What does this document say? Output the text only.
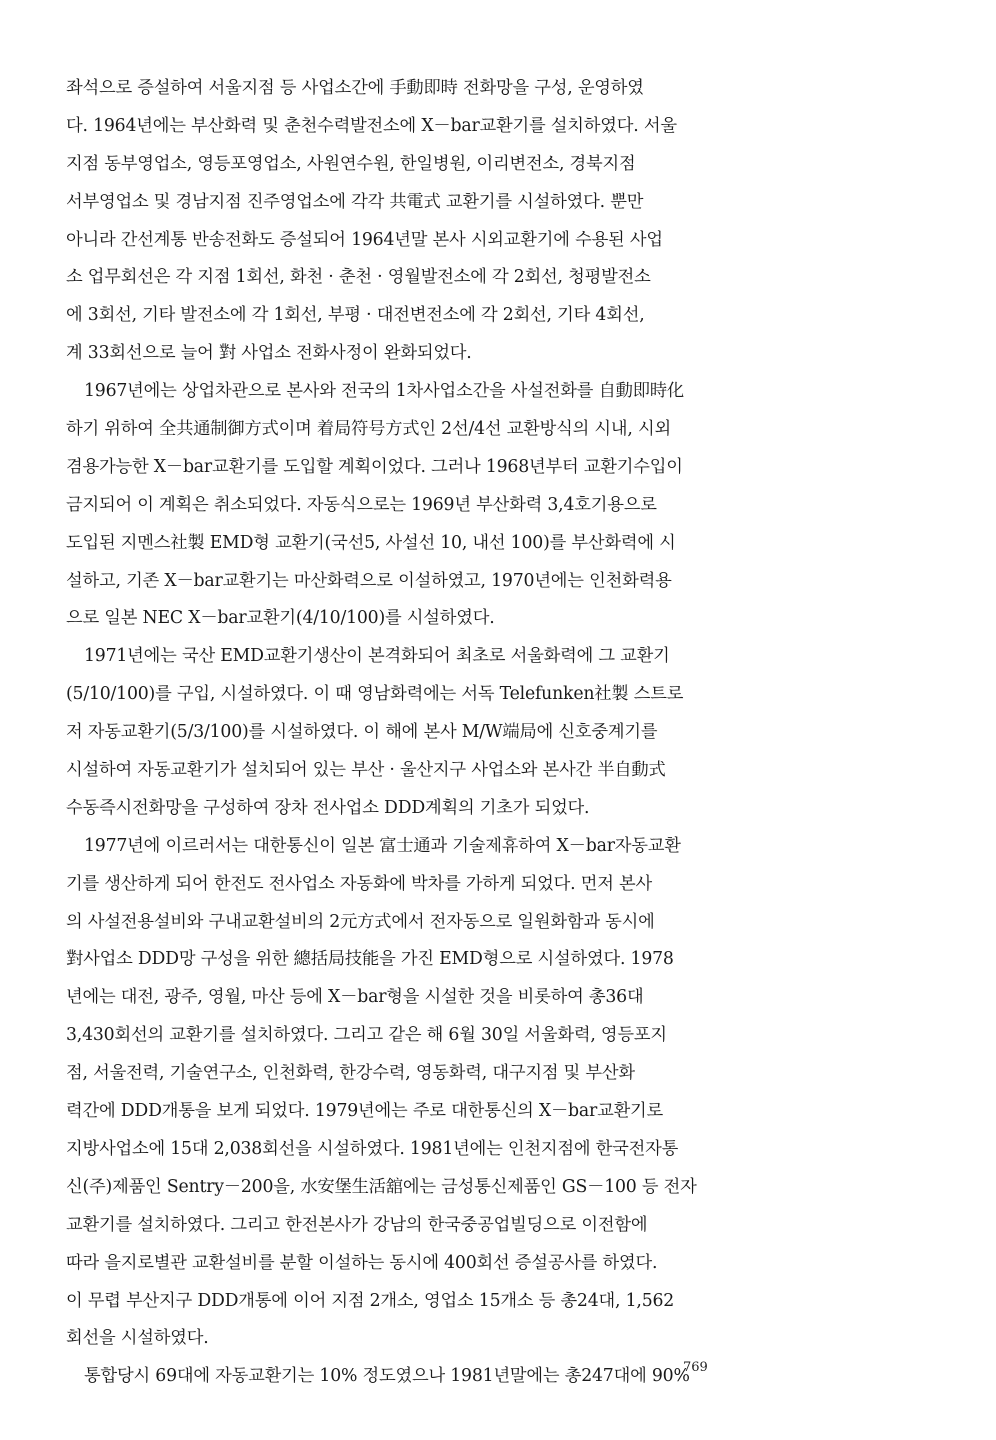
좌석으로 증설하여 서울지점 등 사업소간에 手動即時 전화망을 구성, 운영하였
다. 1964년에는 부산화력 및 춘천수력발전소에 X－bar교환기를 설치하였다. 서울
지점 동부영업소, 영등포영업소, 사원연수원, 한일병원, 이리변전소, 경북지점
서부영업소 및 경남지점 진주영업소에 각각 共電式 교환기를 시설하였다. 뿐만
아니라 간선계통 반송전화도 증설되어 1964년말 본사 시외교환기에 수용된 사업
소 업무회선은 각 지점 1회선, 화천 · 춘천 · 영월발전소에 각 2회선, 청평발전소
에 3회선, 기타 발전소에 각 1회선, 부평 · 대전변전소에 각 2회선, 기타 4회선,
계 33회선으로 늘어 對 사업소 전화사정이 완화되었다.
1967년에는 상업차관으로 본사와 전국의 1차사업소간을 사설전화를 自動即時化
하기 위하여 全共通制御方式이며 着局符号方式인 2선/4선 교환방식의 시내, 시외
겸용가능한 X－bar교환기를 도입할 계획이었다. 그러나 1968년부터 교환기수입이
금지되어 이 계획은 취소되었다. 자동식으로는 1969년 부산화력 3,4호기용으로
도입된 지멘스社製 EMD형 교환기(국선5, 사설선 10, 내선 100)를 부산화력에 시
설하고, 기존 X－bar교환기는 마산화력으로 이설하였고, 1970년에는 인천화력용
으로 일본 NEC X－bar교환기(4/10/100)를 시설하였다.
1971년에는 국산 EMD교환기생산이 본격화되어 최초로 서울화력에 그 교환기
(5/10/100)를 구입, 시설하였다. 이 때 영남화력에는 서독 Telefunken社製 스트로
저 자동교환기(5/3/100)를 시설하였다. 이 해에 본사 M/W端局에 신호중계기를
시설하여 자동교환기가 설치되어 있는 부산 · 울산지구 사업소와 본사간 半自動式
수동즉시전화망을 구성하여 장차 전사업소 DDD계획의 기초가 되었다.
1977년에 이르러서는 대한통신이 일본 富士通과 기술제휴하여 X－bar자동교환
기를 생산하게 되어 한전도 전사업소 자동화에 박차를 가하게 되었다. 먼저 본사
의 사설전용설비와 구내교환설비의 2元方式에서 전자동으로 일원화함과 동시에
對사업소 DDD망 구성을 위한 總括局技能을 가진 EMD형으로 시설하였다. 1978
년에는 대전, 광주, 영월, 마산 등에 X－bar형을 시설한 것을 비롯하여 총36대
3,430회선의 교환기를 설치하였다. 그리고 같은 해 6월 30일 서울화력, 영등포지
점, 서울전력, 기술연구소, 인천화력, 한강수력, 영동화력, 대구지점 및 부산화
력간에 DDD개통을 보게 되었다. 1979년에는 주로 대한통신의 X－bar교환기로
지방사업소에 15대 2,038회선을 시설하였다. 1981년에는 인천지점에 한국전자통
신(주)제품인 Sentry－200을, 水安堡生活舘에는 금성통신제품인 GS－100 등 전자
교환기를 설치하였다. 그리고 한전본사가 강남의 한국중공업빌딩으로 이전함에
따라 을지로별관 교환설비를 분할 이설하는 동시에 400회선 증설공사를 하였다.
이 무렵 부산지구 DDD개통에 이어 지점 2개소, 영업소 15개소 등 총24대, 1,562
회선을 시설하였다.
통합당시 69대에 자동교환기는 10% 정도였으나 1981년말에는 총247대에 90%
769
